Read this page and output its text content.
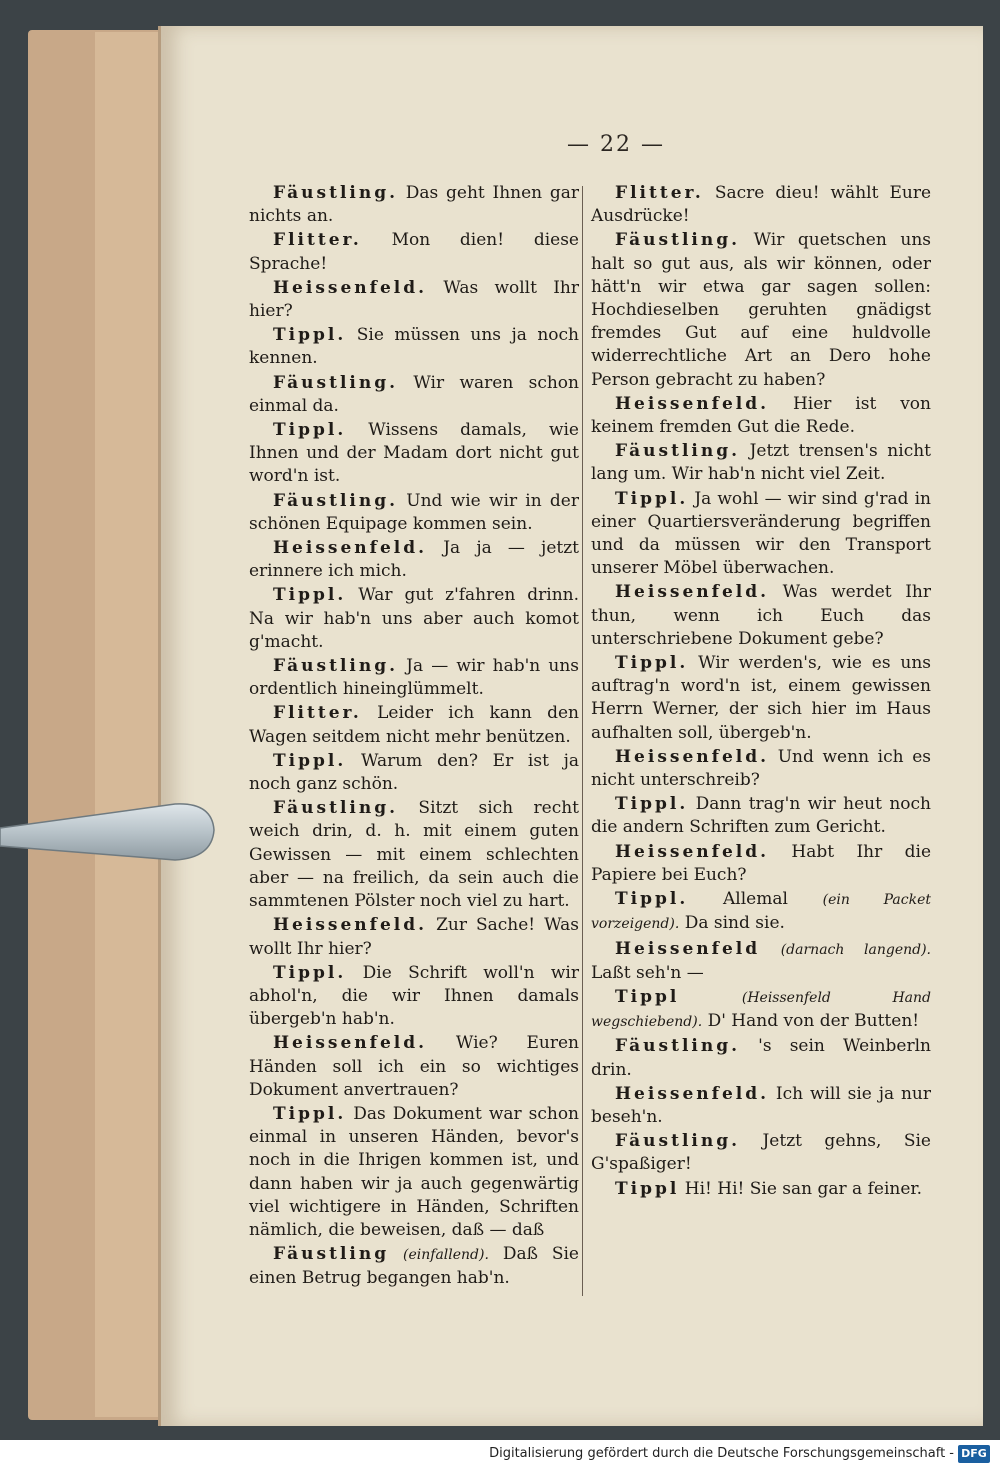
— 22 —

Fäustling. Das geht Ihnen gar nichts an.

Flitter. Mon dien! diese Sprache!

Heissenfeld. Was wollt Ihr hier?

Tippl. Sie müssen uns ja noch kennen.

Fäustling. Wir waren schon einmal da.

Tippl. Wissens damals, wie Ihnen und der Madam dort nicht gut word'n ist.

Fäustling. Und wie wir in der schönen Equipage kommen sein.

Heissenfeld. Ja ja — jetzt erinnere ich mich.

Tippl. War gut z'fahren drinn. Na wir hab'n uns aber auch komot g'macht.

Fäustling. Ja — wir hab'n uns ordentlich hineinglümmelt.

Flitter. Leider ich kann den Wagen seitdem nicht mehr benützen.

Tippl. Warum den? Er ist ja noch ganz schön.

Fäustling. Sitzt sich recht weich drin, d. h. mit einem guten Gewissen — mit einem schlechten aber — na freilich, da sein auch die sammtenen Pölster noch viel zu hart.

Heissenfeld. Zur Sache! Was wollt Ihr hier?

Tippl. Die Schrift woll'n wir abhol'n, die wir Ihnen damals übergeb'n hab'n.

Heissenfeld. Wie? Euren Händen soll ich ein so wichtiges Dokument anvertrauen?

Tippl. Das Dokument war schon einmal in unseren Händen, bevor's noch in die Ihrigen kommen ist, und dann haben wir ja auch gegenwärtig viel wichtigere in Händen, Schriften nämlich, die beweisen, daß — daß

Fäustling (einfallend). Daß Sie einen Betrug begangen hab'n.

Flitter. Sacre dieu! wählt Eure Ausdrücke!

Fäustling. Wir quetschen uns halt so gut aus, als wir können, oder hätt'n wir etwa gar sagen sollen: Hochdieselben geruhten gnädigst fremdes Gut auf eine huldvolle widerrechtliche Art an Dero hohe Person gebracht zu haben?

Heissenfeld. Hier ist von keinem fremden Gut die Rede.

Fäustling. Jetzt trensen's nicht lang um. Wir hab'n nicht viel Zeit.

Tippl. Ja wohl — wir sind g'rad in einer Quartiersveränderung begriffen und da müssen wir den Transport unserer Möbel überwachen.

Heissenfeld. Was werdet Ihr thun, wenn ich Euch das unterschriebene Dokument gebe?

Tippl. Wir werden's, wie es uns auftrag'n word'n ist, einem gewissen Herrn Werner, der sich hier im Haus aufhalten soll, übergeb'n.

Heissenfeld. Und wenn ich es nicht unterschreib?

Tippl. Dann trag'n wir heut noch die andern Schriften zum Gericht.

Heissenfeld. Habt Ihr die Papiere bei Euch?

Tippl. Allemal (ein Packet vorzeigend). Da sind sie.

Heissenfeld (darnach langend). Laßt seh'n —

Tippl	(Heissenfeld Hand wegschiebend). D' Hand von der Butten!

Fäustling. 's sein Weinberln drin.

Heissenfeld. Ich will sie ja nur beseh'n.

Fäustling. Jetzt gehns, Sie G'spaßiger!

Tippl Hi! Hi! Sie san gar a feiner.

Digitalisierung gefördert durch die Deutsche Forschungsgemeinschaft - DFG
